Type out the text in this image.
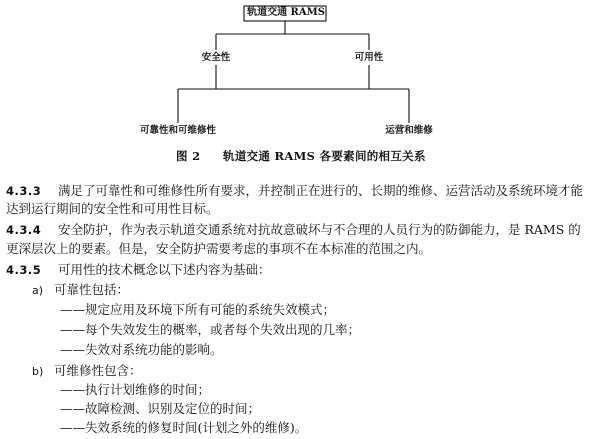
轨道交通 RAMS
安全性	可用性
可靠性和可维修性	运营和维修
图 2 轨道交通 RAMS 各要素间的相互关系
4.3.3 满足了可靠性和可维修性所有要求，并控制正在进行的、长期的维修、运营活动及系统环境才能
达到运行期间的安全性和可用性目标。
4.3.4 安全防护，作为表示轨道交通系统对抗故意破坏与不合理的人员行为的防御能力，是 RAMS 的
更深层次上的要素。但是，安全防护需要考虑的事项不在本标准的范围之内。
4.3.5 可用性的技术概念以下述内容为基础：
a) 可靠性包括：
——规定应用及环境下所有可能的系统失效模式；
——每个失效发生的概率，或者每个失效出现的几率；
——失效对系统功能的影响。
b) 可维修性包含：
——执行计划维修的时间；
——故障检测、识别及定位的时间；
——失效系统的修复时间(计划之外的维修)。
